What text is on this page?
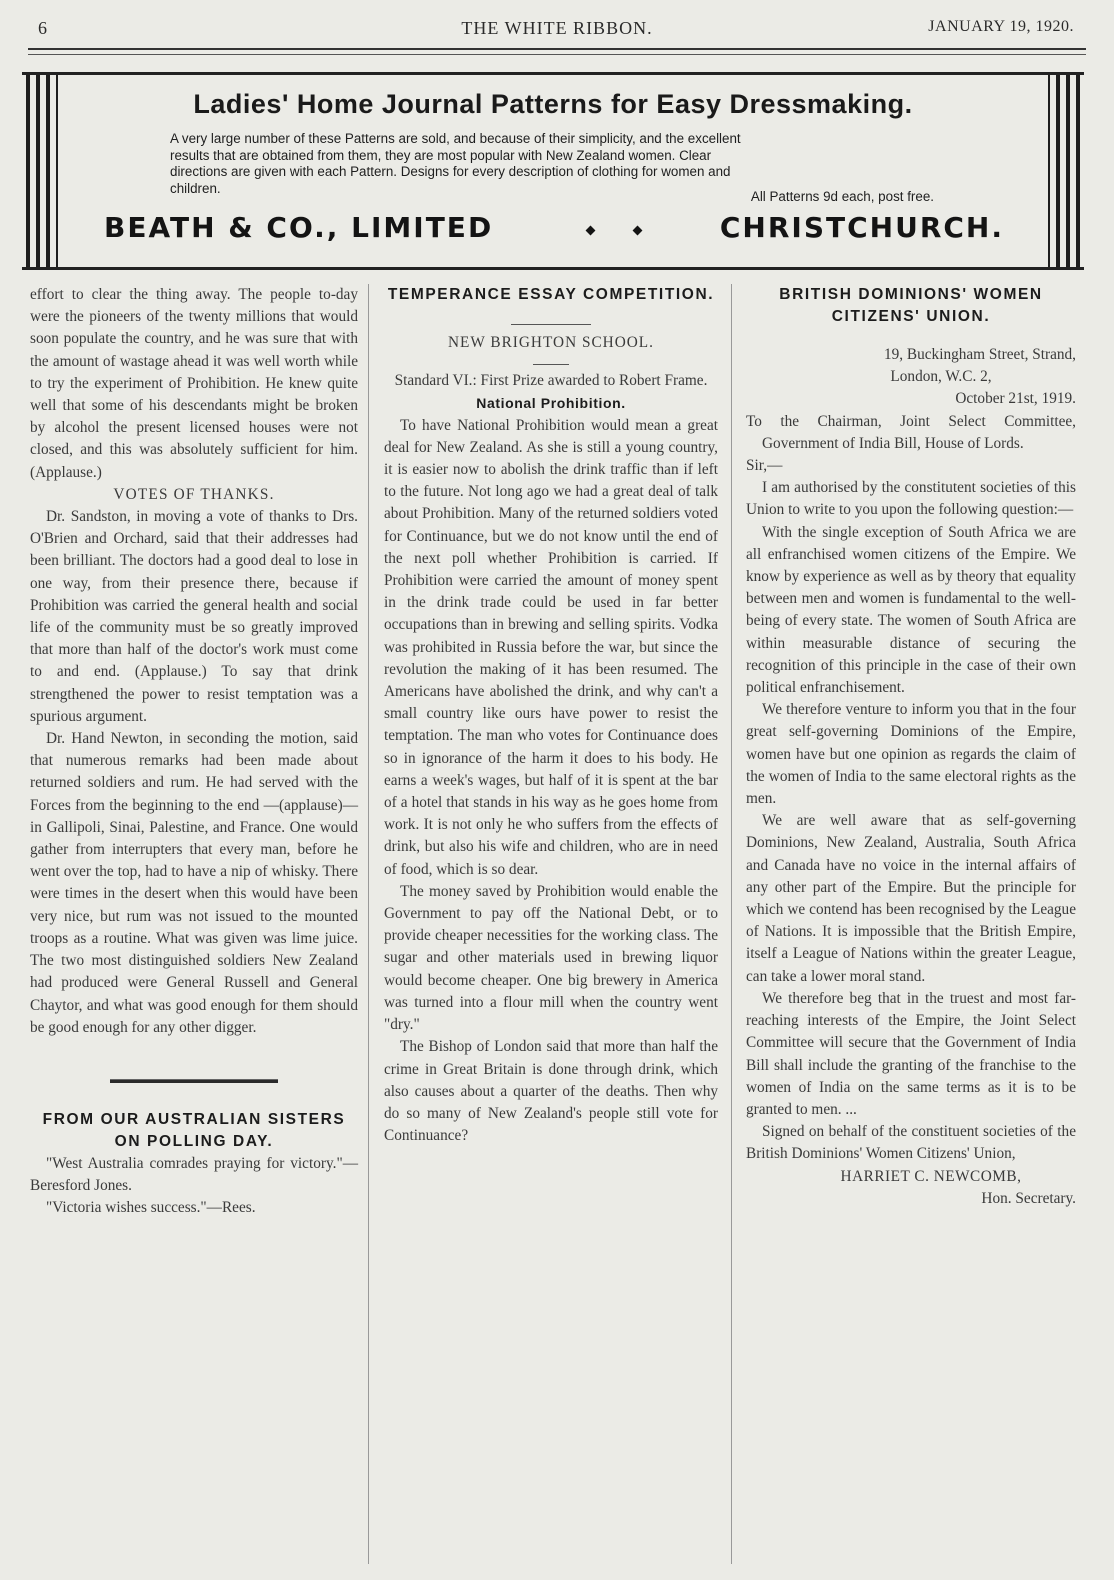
6	THE WHITE RIBBON.	JANUARY 19, 1920.
Ladies' Home Journal Patterns for Easy Dressmaking.
A very large number of these Patterns are sold, and because of their simplicity, and the excellent
results that are obtained from them, they are most popular with New Zealand women. Clear
directions are given with each Pattern. Designs for every description of clothing for women and
children.
All Patterns 9d each, post free.
BEATH & CO., LIMITED	CHRISTCHURCH.

effort to clear the thing away. The people to-day were the pioneers of the twenty millions that would soon populate the country, and he was sure that with the amount of wastage ahead it was well worth while to try the experiment of Prohibition. He knew quite well that some of his descendants might be broken by alcohol the present licensed houses were not closed, and this was absolutely sufficient for him. (Applause.)

VOTES OF THANKS.

Dr. Sandston, in moving a vote of thanks to Drs. O'Brien and Orchard, said that their addresses had been brilliant. The doctors had a good deal to lose in one way, from their presence there, because if Prohibition was carried the general health and social life of the community must be so greatly improved that more than half of the doctor's work must come to and end. (Applause.) To say that drink strengthened the power to resist temptation was a spurious argument.

Dr. Hand Newton, in seconding the motion, said that numerous remarks had been made about returned soldiers and rum. He had served with the Forces from the beginning to the end —(applause)—in Gallipoli, Sinai, Palestine, and France. One would gather from interrupters that every man, before he went over the top, had to have a nip of whisky. There were times in the desert when this would have been very nice, but rum was not issued to the mounted troops as a routine. What was given was lime juice. The two most distinguished soldiers New Zealand had produced were General Russell and General Chaytor, and what was good enough for them should be good enough for any other digger.

FROM OUR AUSTRALIAN SISTERS ON POLLING DAY.

"West Australia comrades praying for victory."—Beresford Jones.

"Victoria wishes success."—Rees.

TEMPERANCE ESSAY COMPETITION.

NEW BRIGHTON SCHOOL.

Standard VI.: First Prize awarded to Robert Frame.

National Prohibition.

To have National Prohibition would mean a great deal for New Zealand. As she is still a young country, it is easier now to abolish the drink traffic than if left to the future. Not long ago we had a great deal of talk about Prohibition. Many of the returned soldiers voted for Continuance, but we do not know until the end of the next poll whether Prohibition is carried. If Prohibition were carried the amount of money spent in the drink trade could be used in far better occupations than in brewing and selling spirits. Vodka was prohibited in Russia before the war, but since the revolution the making of it has been resumed. The Americans have abolished the drink, and why can't a small country like ours have power to resist the temptation. The man who votes for Continuance does so in ignorance of the harm it does to his body. He earns a week's wages, but half of it is spent at the bar of a hotel that stands in his way as he goes home from work. It is not only he who suffers from the effects of drink, but also his wife and children, who are in need of food, which is so dear.

The money saved by Prohibition would enable the Government to pay off the National Debt, or to provide cheaper necessities for the working class. The sugar and other materials used in brewing liquor would become cheaper. One big brewery in America was turned into a flour mill when the country went "dry."

The Bishop of London said that more than half the crime in Great Britain is done through drink, which also causes about a quarter of the deaths. Then why do so many of New Zealand's people still vote for Continuance?

BRITISH DOMINIONS' WOMEN CITIZENS' UNION.

19, Buckingham Street, Strand,

London, W.C. 2,

October 21st, 1919.

To the Chairman, Joint Select Committee, Government of India Bill, House of Lords.

Sir,—

I am authorised by the constitutent societies of this Union to write to you upon the following question:—

With the single exception of South Africa we are all enfranchised women citizens of the Empire. We know by experience as well as by theory that equality between men and women is fundamental to the well-being of every state. The women of South Africa are within measurable distance of securing the recognition of this principle in the case of their own political enfranchisement.

We therefore venture to inform you that in the four great self-governing Dominions of the Empire, women have but one opinion as regards the claim of the women of India to the same electoral rights as the men.

We are well aware that as self-governing Dominions, New Zealand, Australia, South Africa and Canada have no voice in the internal affairs of any other part of the Empire. But the principle for which we contend has been recognised by the League of Nations. It is impossible that the British Empire, itself a League of Nations within the greater League, can take a lower moral stand.

We therefore beg that in the truest and most far-reaching interests of the Empire, the Joint Select Committee will secure that the Government of India Bill shall include the granting of the franchise to the women of India on the same terms as it is to be granted to men. ...

Signed on behalf of the constituent societies of the British Dominions' Women Citizens' Union,

HARRIET C. NEWCOMB,

Hon. Secretary.
